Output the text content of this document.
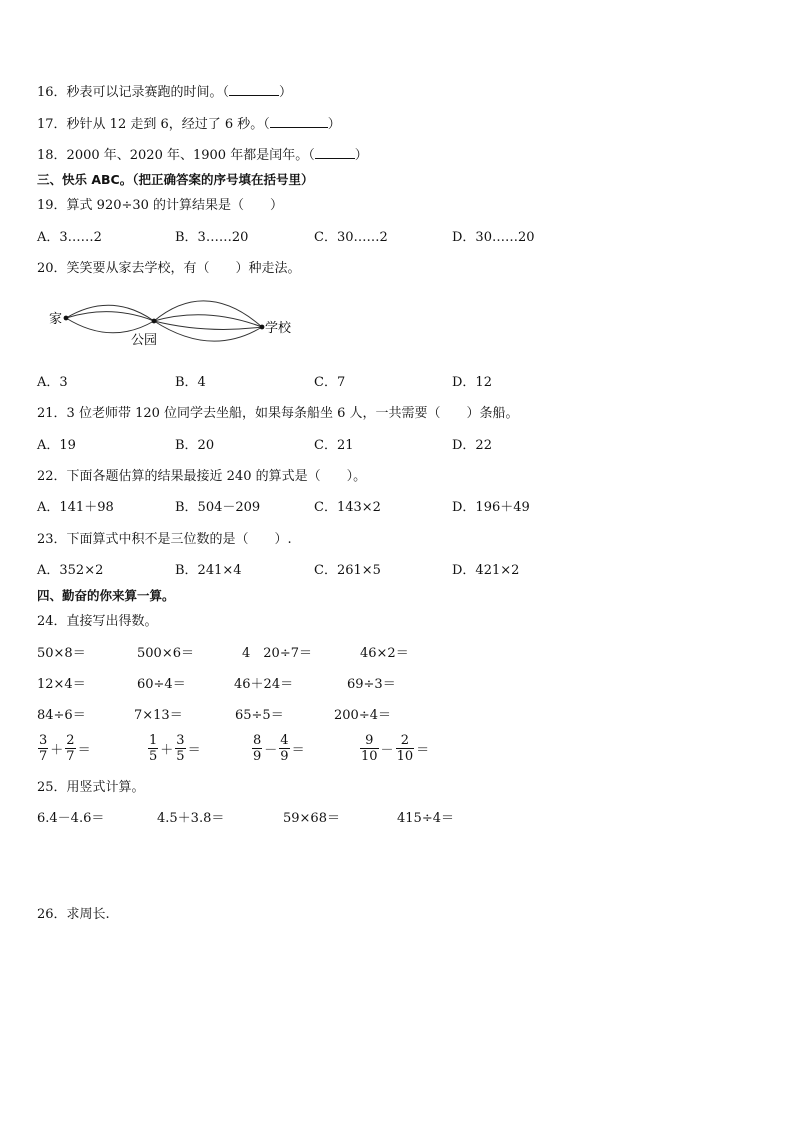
16．秒表可以记录赛跑的时间。（	）
17．秒针从 12 走到 6，经过了 6 秒。（	）
18．2000 年、2020 年、1900 年都是闰年。（	）
三、快乐 ABC。（把正确答案的序号填在括号里）
19．算式 920÷30 的计算结果是（　　）
A．3……2	B．3……20	C．30……2	D．30……20
20．笑笑要从家去学校，有（　　）种走法。
家
公园
学校
A．3	B．4	C．7	D．12
21．3 位老师带 120 位同学去坐船，如果每条船坐 6 人，一共需要（　　）条船。
A．19	B．20	C．21	D．22
22．下面各题估算的结果最接近 240 的算式是（　　）。
A．141＋98	B．504－209	C．143×2	D．196＋49
23．下面算式中积不是三位数的是（　　）.
A．352×2	B．241×4	C．261×5	D．421×2
四、勤奋的你来算一算。
24．直接写出得数。
50×8＝	500×6＝	4　20÷7＝	46×2＝
12×4＝	60÷4＝	46＋24＝	69÷3＝
84÷6＝	7×13＝	65÷5＝	200÷4＝
$\frac{3}{7} + \frac{2}{7}$ ＝	$\frac{1}{5} + \frac{3}{5}$ ＝	$\frac{8}{9} - \frac{4}{9}$ ＝	$\frac{9}{10} - \frac{2}{10}$ ＝
25．用竖式计算。
6.4－4.6＝	4.5＋3.8＝	59×68＝	415÷4＝
26．求周长.
